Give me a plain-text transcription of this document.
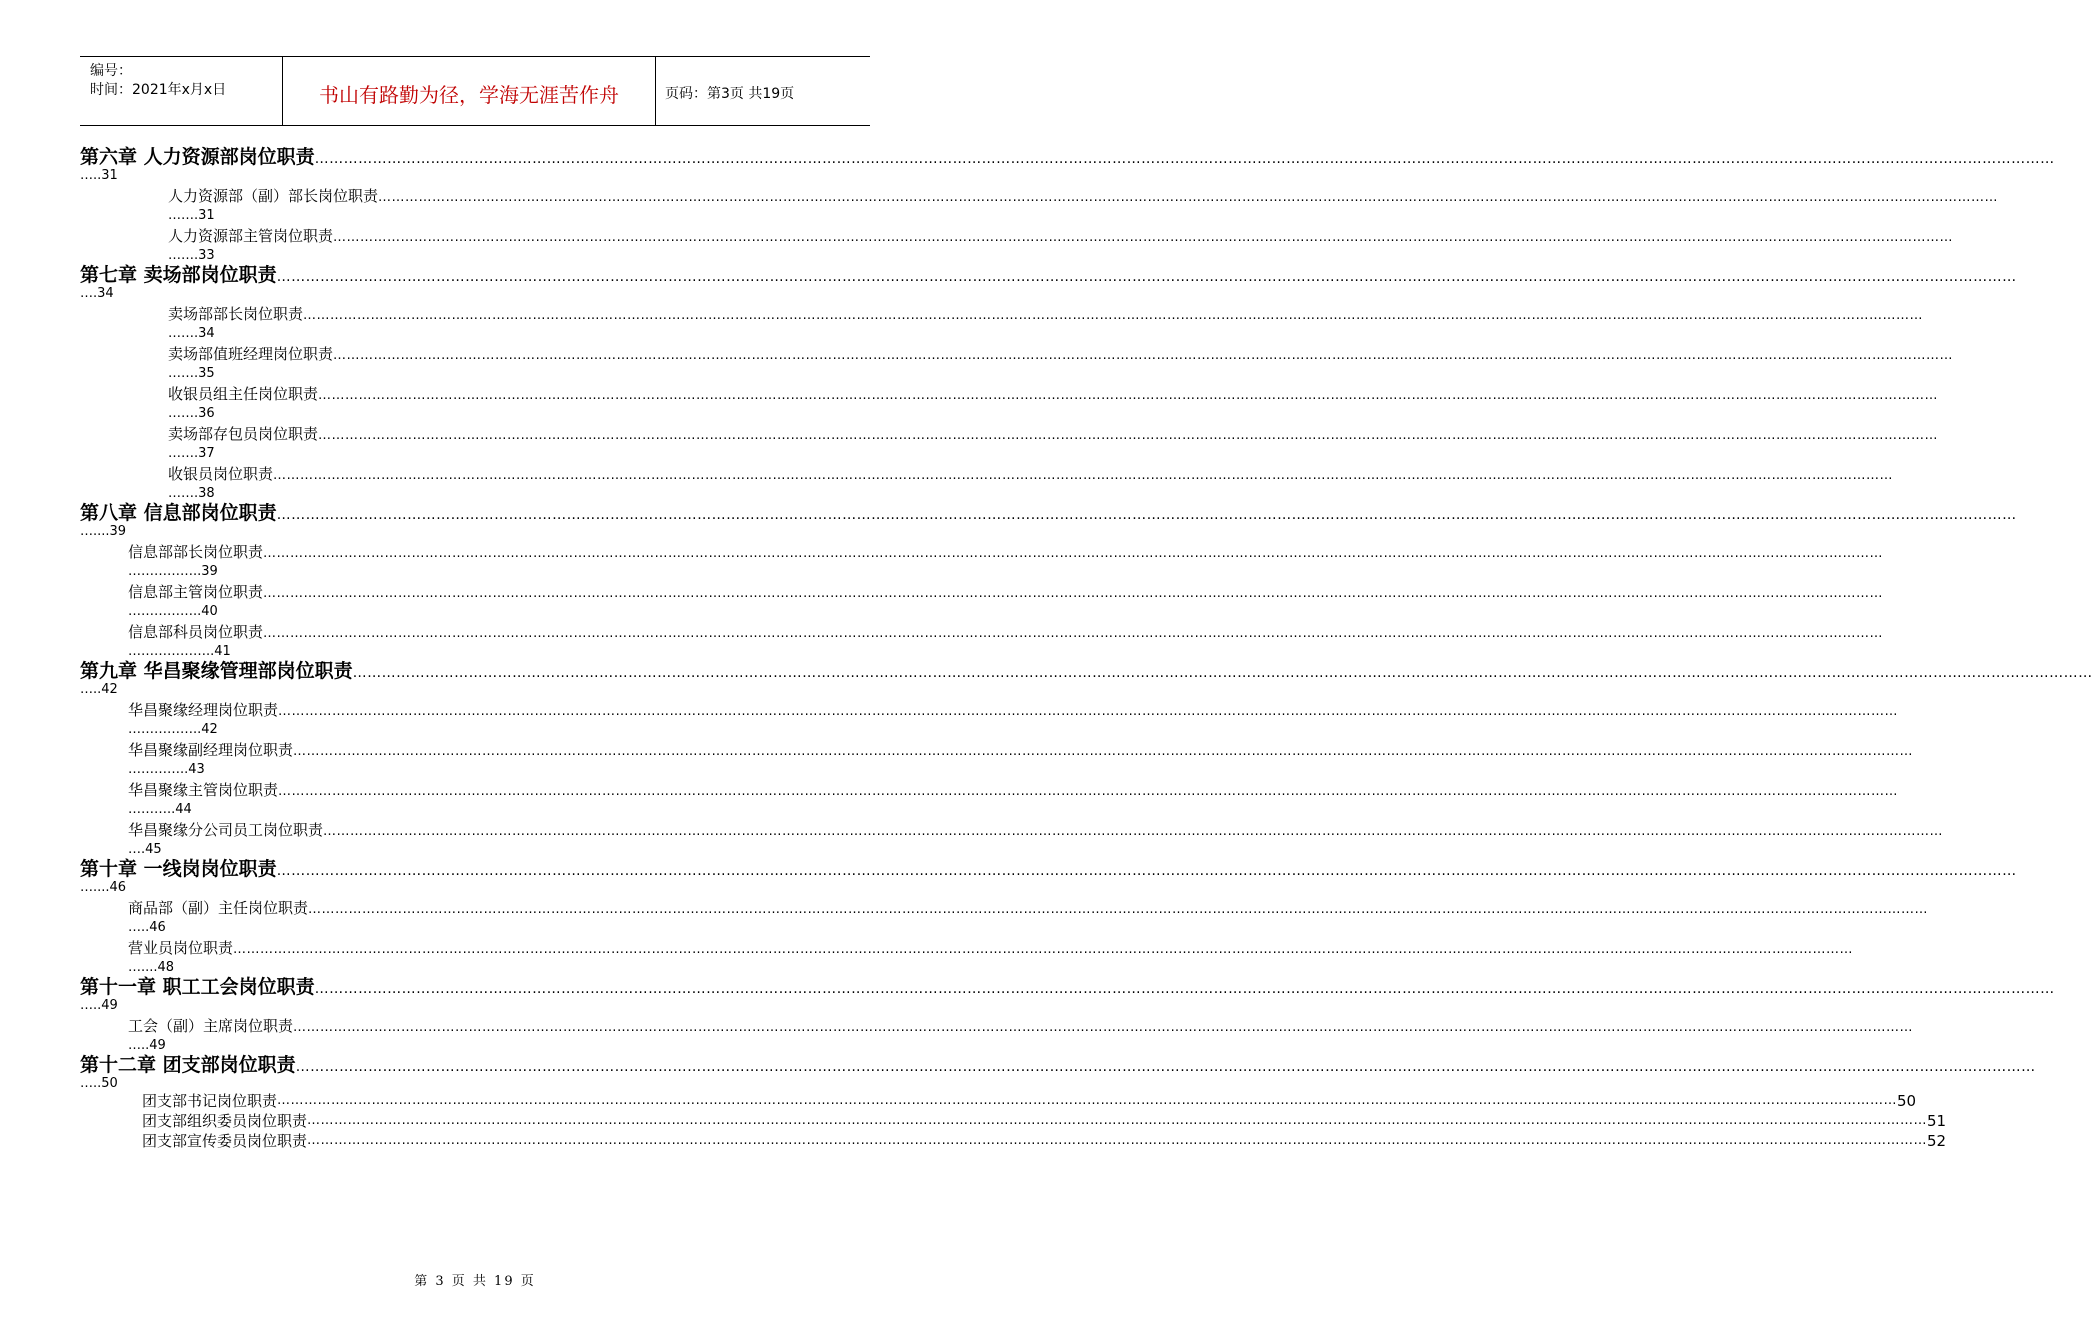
编号：
时间：2021年x月x日	书山有路勤为径，学海无涯苦作舟	页码：第3页 共19页
第六章 人力资源部岗位职责………………………………………………………………………………………………………………………………………………………………………………………………………………………………………………………………………………………………………………………………
…..31
人力资源部（副）部长岗位职责………………………………………………………………………………………………………………………………………………………………………………………………………………………………………………………………………………………………………………………………
…….31
人力资源部主管岗位职责………………………………………………………………………………………………………………………………………………………………………………………………………………………………………………………………………………………………………………………………
…….33
第七章 卖场部岗位职责………………………………………………………………………………………………………………………………………………………………………………………………………………………………………………………………………………………………………………………………
….34
卖场部部长岗位职责………………………………………………………………………………………………………………………………………………………………………………………………………………………………………………………………………………………………………………………………
…….34
卖场部值班经理岗位职责………………………………………………………………………………………………………………………………………………………………………………………………………………………………………………………………………………………………………………………………
…….35
收银员组主任岗位职责………………………………………………………………………………………………………………………………………………………………………………………………………………………………………………………………………………………………………………………………
…….36
卖场部存包员岗位职责………………………………………………………………………………………………………………………………………………………………………………………………………………………………………………………………………………………………………………………………
…….37
收银员岗位职责………………………………………………………………………………………………………………………………………………………………………………………………………………………………………………………………………………………………………………………………
…….38
第八章 信息部岗位职责………………………………………………………………………………………………………………………………………………………………………………………………………………………………………………………………………………………………………………………………
…....39
信息部部长岗位职责………………………………………………………………………………………………………………………………………………………………………………………………………………………………………………………………………………………………………………………………
……………..39
信息部主管岗位职责………………………………………………………………………………………………………………………………………………………………………………………………………………………………………………………………………………………………………………………………
……………..40
信息部科员岗位职责………………………………………………………………………………………………………………………………………………………………………………………………………………………………………………………………………………………………………………………………
………………..41
第九章 华昌聚缘管理部岗位职责………………………………………………………………………………………………………………………………………………………………………………………………………………………………………………………………………………………………………………………………
…..42
华昌聚缘经理岗位职责………………………………………………………………………………………………………………………………………………………………………………………………………………………………………………………………………………………………………………………………
……………..42
华昌聚缘副经理岗位职责………………………………………………………………………………………………………………………………………………………………………………………………………………………………………………………………………………………………………………………………
…………..43
华昌聚缘主管岗位职责………………………………………………………………………………………………………………………………………………………………………………………………………………………………………………………………………………………………………………………………
………..44
华昌聚缘分公司员工岗位职责………………………………………………………………………………………………………………………………………………………………………………………………………………………………………………………………………………………………………………………………
….45
第十章 一线岗岗位职责………………………………………………………………………………………………………………………………………………………………………………………………………………………………………………………………………………………………………………………………
…....46
商品部（副）主任岗位职责………………………………………………………………………………………………………………………………………………………………………………………………………………………………………………………………………………………………………………………………
…..46
营业员岗位职责………………………………………………………………………………………………………………………………………………………………………………………………………………………………………………………………………………………………………………………………
…....48
第十一章 职工工会岗位职责………………………………………………………………………………………………………………………………………………………………………………………………………………………………………………………………………………………………………………………………
…..49
工会（副）主席岗位职责………………………………………………………………………………………………………………………………………………………………………………………………………………………………………………………………………………………………………………………………
…..49
第十二章 团支部岗位职责………………………………………………………………………………………………………………………………………………………………………………………………………………………………………………………………………………………………………………………………
…..50
团支部书记岗位职责 ……………………………………………………………………………………………………………………………………………………………………………………………………………………………………………………………………………………………………………………………… 50
团支部组织委员岗位职责 ……………………………………………………………………………………………………………………………………………………………………………………………………………………………………………………………………………………………………………………………… 51
团支部宣传委员岗位职责 ……………………………………………………………………………………………………………………………………………………………………………………………………………………………………………………………………………………………………………………………… 52
第 3 页 共 19 页
